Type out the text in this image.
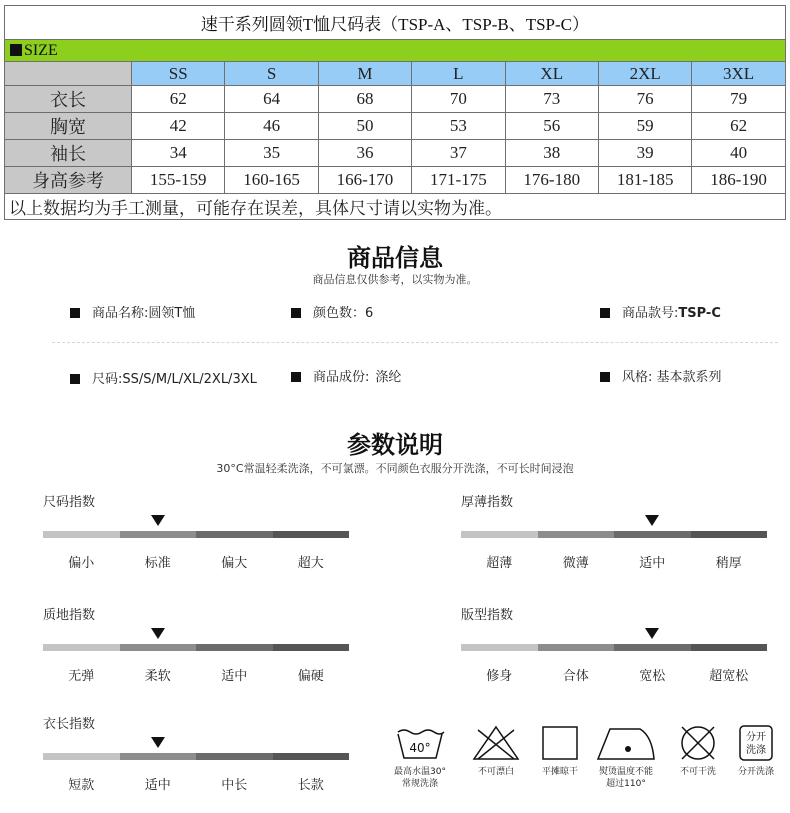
速干系列圆领T恤尺码表（TSP-A、TSP-B、TSP-C）							
SIZE							
	SS	S	M	L	XL	2XL	3XL
衣长	62	64	68	70	73	76	79
胸宽	42	46	50	53	56	59	62
袖长	34	35	36	37	38	39	40
身高参考	155-159	160-165	166-170	171-175	176-180	181-185	186-190
以上数据均为手工测量，可能存在误差，具体尺寸请以实物为准。							
商品信息
商品信息仅供参考，以实物为准。
商品名称:圆领T恤	颜色数：6	商品款号:TSP-C
尺码:SS/S/M/L/XL/2XL/3XL	商品成份: 涤纶	风格: 基本款系列
参数说明
30°C常温轻柔洗涤，不可氯漂。不同颜色衣服分开洗涤，不可长时间浸泡
尺码指数
偏小	标准	偏大	超大
厚薄指数
超薄	微薄	适中	稍厚
质地指数
无弹	柔软	适中	偏硬
版型指数
修身	合体	宽松	超宽松
衣长指数
短款	适中	中长	长款
40°
最高水温30°
常规洗涤
不可漂白	平摊晾干	熨烫温度不能
超过110°
不可干洗
分开
洗涤
分开洗涤
